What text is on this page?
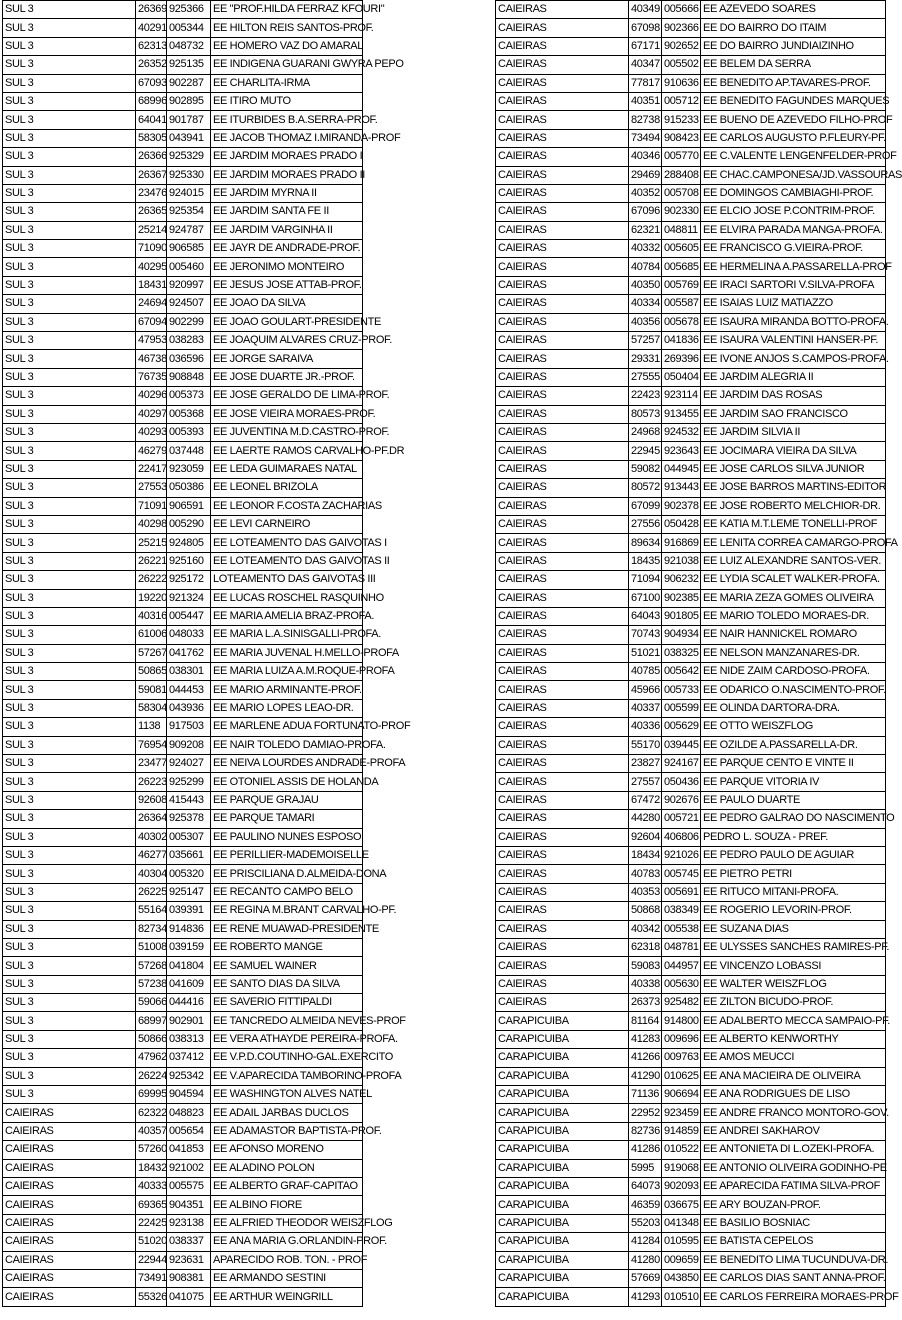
SUL 3	26369	925366	EE "PROF.HILDA FERRAZ KFOURI"
SUL 3	40291	005344	EE HILTON REIS SANTOS-PROF.
SUL 3	62313	048732	EE HOMERO VAZ DO AMARAL
SUL 3	26352	925135	EE INDIGENA GUARANI GWYRA PEPO
SUL 3	67093	902287	EE CHARLITA-IRMA
SUL 3	68996	902895	EE ITIRO MUTO
SUL 3	64041	901787	EE ITURBIDES B.A.SERRA-PROF.
SUL 3	58305	043941	EE JACOB THOMAZ I.MIRANDA-PROF
SUL 3	26366	925329	EE JARDIM MORAES PRADO I
SUL 3	26367	925330	EE JARDIM MORAES PRADO II
SUL 3	23476	924015	EE JARDIM MYRNA II
SUL 3	26365	925354	EE JARDIM SANTA FE II
SUL 3	25214	924787	EE JARDIM VARGINHA II
SUL 3	71090	906585	EE JAYR DE ANDRADE-PROF.
SUL 3	40295	005460	EE JERONIMO MONTEIRO
SUL 3	18431	920997	EE JESUS JOSE ATTAB-PROF.
SUL 3	24694	924507	EE JOAO DA SILVA
SUL 3	67094	902299	EE JOAO GOULART-PRESIDENTE
SUL 3	47953	038283	EE JOAQUIM ALVARES CRUZ-PROF.
SUL 3	46738	036596	EE JORGE SARAIVA
SUL 3	76735	908848	EE JOSE DUARTE JR.-PROF.
SUL 3	40296	005373	EE JOSE GERALDO DE LIMA-PROF.
SUL 3	40297	005368	EE JOSE VIEIRA MORAES-PROF.
SUL 3	40293	005393	EE JUVENTINA M.D.CASTRO-PROF.
SUL 3	46279	037448	EE LAERTE RAMOS CARVALHO-PF.DR
SUL 3	22417	923059	EE LEDA GUIMARAES NATAL
SUL 3	27553	050386	EE LEONEL BRIZOLA
SUL 3	71091	906591	EE LEONOR F.COSTA ZACHARIAS
SUL 3	40298	005290	EE LEVI CARNEIRO
SUL 3	25215	924805	EE LOTEAMENTO DAS GAIVOTAS I
SUL 3	26221	925160	EE LOTEAMENTO DAS GAIVOTAS II
SUL 3	26222	925172	LOTEAMENTO DAS GAIVOTAS III
SUL 3	19220	921324	EE LUCAS ROSCHEL RASQUINHO
SUL 3	40316	005447	EE MARIA AMELIA BRAZ-PROFA.
SUL 3	61006	048033	EE MARIA L.A.SINISGALLI-PROFA.
SUL 3	57267	041762	EE MARIA JUVENAL H.MELLO-PROFA
SUL 3	50865	038301	EE MARIA LUIZA A.M.ROQUE-PROFA
SUL 3	59081	044453	EE MARIO ARMINANTE-PROF.
SUL 3	58304	043936	EE MARIO LOPES LEAO-DR.
SUL 3	1138	917503	EE MARLENE ADUA FORTUNATO-PROF
SUL 3	76954	909208	EE NAIR TOLEDO DAMIAO-PROFA.
SUL 3	23477	924027	EE NEIVA LOURDES ANDRADE-PROFA
SUL 3	26223	925299	EE OTONIEL ASSIS DE HOLANDA
SUL 3	92608	415443	EE PARQUE GRAJAU
SUL 3	26364	925378	EE PARQUE TAMARI
SUL 3	40302	005307	EE PAULINO NUNES ESPOSO
SUL 3	46277	035661	EE PERILLIER-MADEMOISELLE
SUL 3	40304	005320	EE PRISCILIANA D.ALMEIDA-DONA
SUL 3	26225	925147	EE RECANTO CAMPO BELO
SUL 3	55164	039391	EE REGINA M.BRANT CARVALHO-PF.
SUL 3	82734	914836	EE RENE MUAWAD-PRESIDENTE
SUL 3	51008	039159	EE ROBERTO MANGE
SUL 3	57268	041804	EE SAMUEL WAINER
SUL 3	57238	041609	EE SANTO DIAS DA SILVA
SUL 3	59066	044416	EE SAVERIO FITTIPALDI
SUL 3	68997	902901	EE TANCREDO ALMEIDA NEVES-PROF
SUL 3	50866	038313	EE VERA ATHAYDE PEREIRA-PROFA.
SUL 3	47962	037412	EE V.P.D.COUTINHO-GAL.EXERCITO
SUL 3	26224	925342	EE V.APARECIDA TAMBORINO-PROFA
SUL 3	69995	904594	EE WASHINGTON ALVES NATEL
CAIEIRAS	62322	048823	EE ADAIL JARBAS DUCLOS
CAIEIRAS	40357	005654	EE ADAMASTOR BAPTISTA-PROF.
CAIEIRAS	57260	041853	EE AFONSO MORENO
CAIEIRAS	18432	921002	EE ALADINO POLON
CAIEIRAS	40333	005575	EE ALBERTO GRAF-CAPITAO
CAIEIRAS	69365	904351	EE ALBINO FIORE
CAIEIRAS	22425	923138	EE ALFRIED THEODOR WEISZFLOG
CAIEIRAS	51020	038337	EE ANA MARIA G.ORLANDIN-PROF.
CAIEIRAS	22944	923631	APARECIDO ROB. TON. - PROF
CAIEIRAS	73491	908381	EE ARMANDO SESTINI
CAIEIRAS	55326	041075	EE ARTHUR WEINGRILL
CAIEIRAS	40349	005666	EE AZEVEDO SOARES
CAIEIRAS	67098	902366	EE DO BAIRRO DO ITAIM
CAIEIRAS	67171	902652	EE DO BAIRRO JUNDIAIZINHO
CAIEIRAS	40347	005502	EE BELEM DA SERRA
CAIEIRAS	77817	910636	EE BENEDITO AP.TAVARES-PROF.
CAIEIRAS	40351	005712	EE BENEDITO FAGUNDES MARQUES
CAIEIRAS	82738	915233	EE BUENO DE AZEVEDO FILHO-PROF
CAIEIRAS	73494	908423	EE CARLOS AUGUSTO P.FLEURY-PF.
CAIEIRAS	40346	005770	EE C.VALENTE LENGENFELDER-PROF
CAIEIRAS	29469	288408	EE CHAC.CAMPONESA/JD.VASSOURAS
CAIEIRAS	40352	005708	EE DOMINGOS CAMBIAGHI-PROF.
CAIEIRAS	67096	902330	EE ELCIO JOSE P.CONTRIM-PROF.
CAIEIRAS	62321	048811	EE ELVIRA PARADA MANGA-PROFA.
CAIEIRAS	40332	005605	EE FRANCISCO G.VIEIRA-PROF.
CAIEIRAS	40784	005685	EE HERMELINA A.PASSARELLA-PROF
CAIEIRAS	40350	005769	EE IRACI SARTORI V.SILVA-PROFA
CAIEIRAS	40334	005587	EE ISAIAS LUIZ MATIAZZO
CAIEIRAS	40356	005678	EE ISAURA MIRANDA BOTTO-PROFA.
CAIEIRAS	57257	041836	EE ISAURA VALENTINI HANSER-PF.
CAIEIRAS	29331	269396	EE IVONE ANJOS S.CAMPOS-PROFA.
CAIEIRAS	27555	050404	EE JARDIM ALEGRIA II
CAIEIRAS	22423	923114	EE JARDIM DAS ROSAS
CAIEIRAS	80573	913455	EE JARDIM SAO FRANCISCO
CAIEIRAS	24968	924532	EE JARDIM SILVIA II
CAIEIRAS	22945	923643	EE JOCIMARA VIEIRA DA SILVA
CAIEIRAS	59082	044945	EE JOSE CARLOS SILVA JUNIOR
CAIEIRAS	80572	913443	EE JOSE BARROS MARTINS-EDITOR
CAIEIRAS	67099	902378	EE JOSE ROBERTO MELCHIOR-DR.
CAIEIRAS	27556	050428	EE KATIA M.T.LEME TONELLI-PROF
CAIEIRAS	89634	916869	EE LENITA CORREA CAMARGO-PROFA
CAIEIRAS	18435	921038	EE LUIZ ALEXANDRE SANTOS-VER.
CAIEIRAS	71094	906232	EE LYDIA SCALET WALKER-PROFA.
CAIEIRAS	67100	902385	EE MARIA ZEZA GOMES OLIVEIRA
CAIEIRAS	64043	901805	EE MARIO TOLEDO MORAES-DR.
CAIEIRAS	70743	904934	EE NAIR HANNICKEL ROMARO
CAIEIRAS	51021	038325	EE NELSON MANZANARES-DR.
CAIEIRAS	40785	005642	EE NIDE ZAIM CARDOSO-PROFA.
CAIEIRAS	45966	005733	EE ODARICO O.NASCIMENTO-PROF.
CAIEIRAS	40337	005599	EE OLINDA DARTORA-DRA.
CAIEIRAS	40336	005629	EE OTTO WEISZFLOG
CAIEIRAS	55170	039445	EE OZILDE A.PASSARELLA-DR.
CAIEIRAS	23827	924167	EE PARQUE CENTO E VINTE II
CAIEIRAS	27557	050436	EE PARQUE VITORIA IV
CAIEIRAS	67472	902676	EE PAULO DUARTE
CAIEIRAS	44280	005721	EE PEDRO GALRAO DO NASCIMENTO
CAIEIRAS	92604	406806	PEDRO L. SOUZA - PREF.
CAIEIRAS	18434	921026	EE PEDRO PAULO DE AGUIAR
CAIEIRAS	40783	005745	EE PIETRO PETRI
CAIEIRAS	40353	005691	EE RITUCO MITANI-PROFA.
CAIEIRAS	50868	038349	EE ROGERIO LEVORIN-PROF.
CAIEIRAS	40342	005538	EE SUZANA DIAS
CAIEIRAS	62318	048781	EE ULYSSES SANCHES RAMIRES-PF.
CAIEIRAS	59083	044957	EE VINCENZO LOBASSI
CAIEIRAS	40338	005630	EE WALTER WEISZFLOG
CAIEIRAS	26373	925482	EE ZILTON BICUDO-PROF.
CARAPICUIBA	81164	914800	EE ADALBERTO MECCA SAMPAIO-PF.
CARAPICUIBA	41283	009696	EE ALBERTO KENWORTHY
CARAPICUIBA	41266	009763	EE AMOS MEUCCI
CARAPICUIBA	41290	010625	EE ANA MACIEIRA DE OLIVEIRA
CARAPICUIBA	71136	906694	EE ANA RODRIGUES DE LISO
CARAPICUIBA	22952	923459	EE ANDRE FRANCO MONTORO-GOV.
CARAPICUIBA	82736	914859	EE ANDREI SAKHAROV
CARAPICUIBA	41286	010522	EE ANTONIETA DI L.OZEKI-PROFA.
CARAPICUIBA	5995	919068	EE ANTONIO OLIVEIRA GODINHO-PE
CARAPICUIBA	64073	902093	EE APARECIDA FATIMA SILVA-PROF
CARAPICUIBA	46359	036675	EE ARY BOUZAN-PROF.
CARAPICUIBA	55203	041348	EE BASILIO BOSNIAC
CARAPICUIBA	41284	010595	EE BATISTA CEPELOS
CARAPICUIBA	41280	009659	EE BENEDITO LIMA TUCUNDUVA-DR.
CARAPICUIBA	57669	043850	EE CARLOS DIAS SANT ANNA-PROF.
CARAPICUIBA	41293	010510	EE CARLOS FERREIRA MORAES-PROF
